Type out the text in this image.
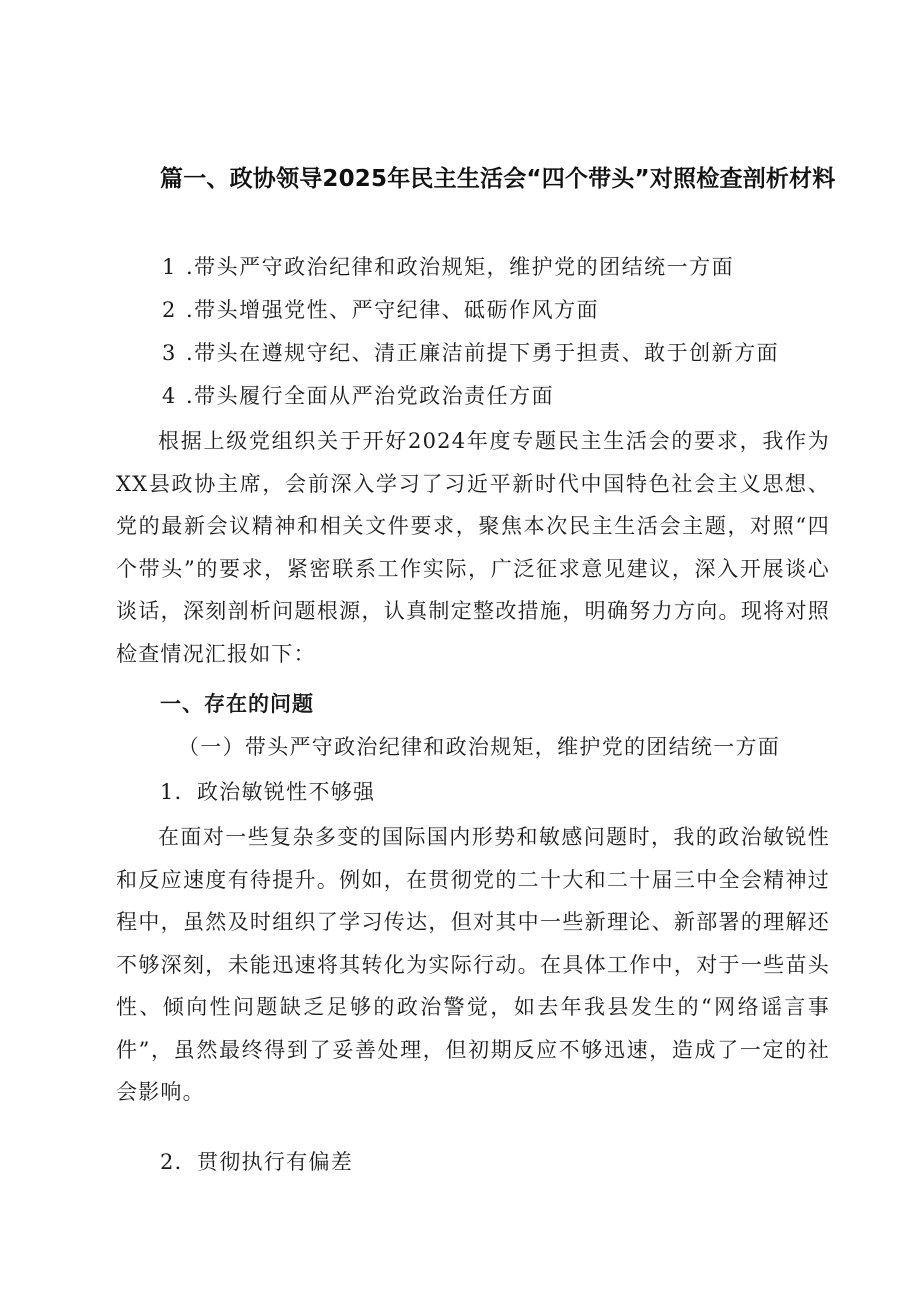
篇一、政协领导2025年民主生活会“四个带头”对照检查剖析材料
1 .带头严守政治纪律和政治规矩，维护党的团结统一方面
2 .带头增强党性、严守纪律、砥砺作风方面
3 .带头在遵规守纪、清正廉洁前提下勇于担责、敢于创新方面
4 .带头履行全面从严治党政治责任方面
根据上级党组织关于开好2024年度专题民主生活会的要求，我作为XX县政协主席，会前深入学习了习近平新时代中国特色社会主义思想、党的最新会议精神和相关文件要求，聚焦本次民主生活会主题，对照“四个带头”的要求，紧密联系工作实际，广泛征求意见建议，深入开展谈心谈话，深刻剖析问题根源，认真制定整改措施，明确努力方向。现将对照检查情况汇报如下：
一、存在的问题
（一）带头严守政治纪律和政治规矩，维护党的团结统一方面
1．政治敏锐性不够强
在面对一些复杂多变的国际国内形势和敏感问题时，我的政治敏锐性和反应速度有待提升。例如，在贯彻党的二十大和二十届三中全会精神过程中，虽然及时组织了学习传达，但对其中一些新理论、新部署的理解还不够深刻，未能迅速将其转化为实际行动。在具体工作中，对于一些苗头性、倾向性问题缺乏足够的政治警觉，如去年我县发生的“网络谣言事件”，虽然最终得到了妥善处理，但初期反应不够迅速，造成了一定的社会影响。
2．贯彻执行有偏差
